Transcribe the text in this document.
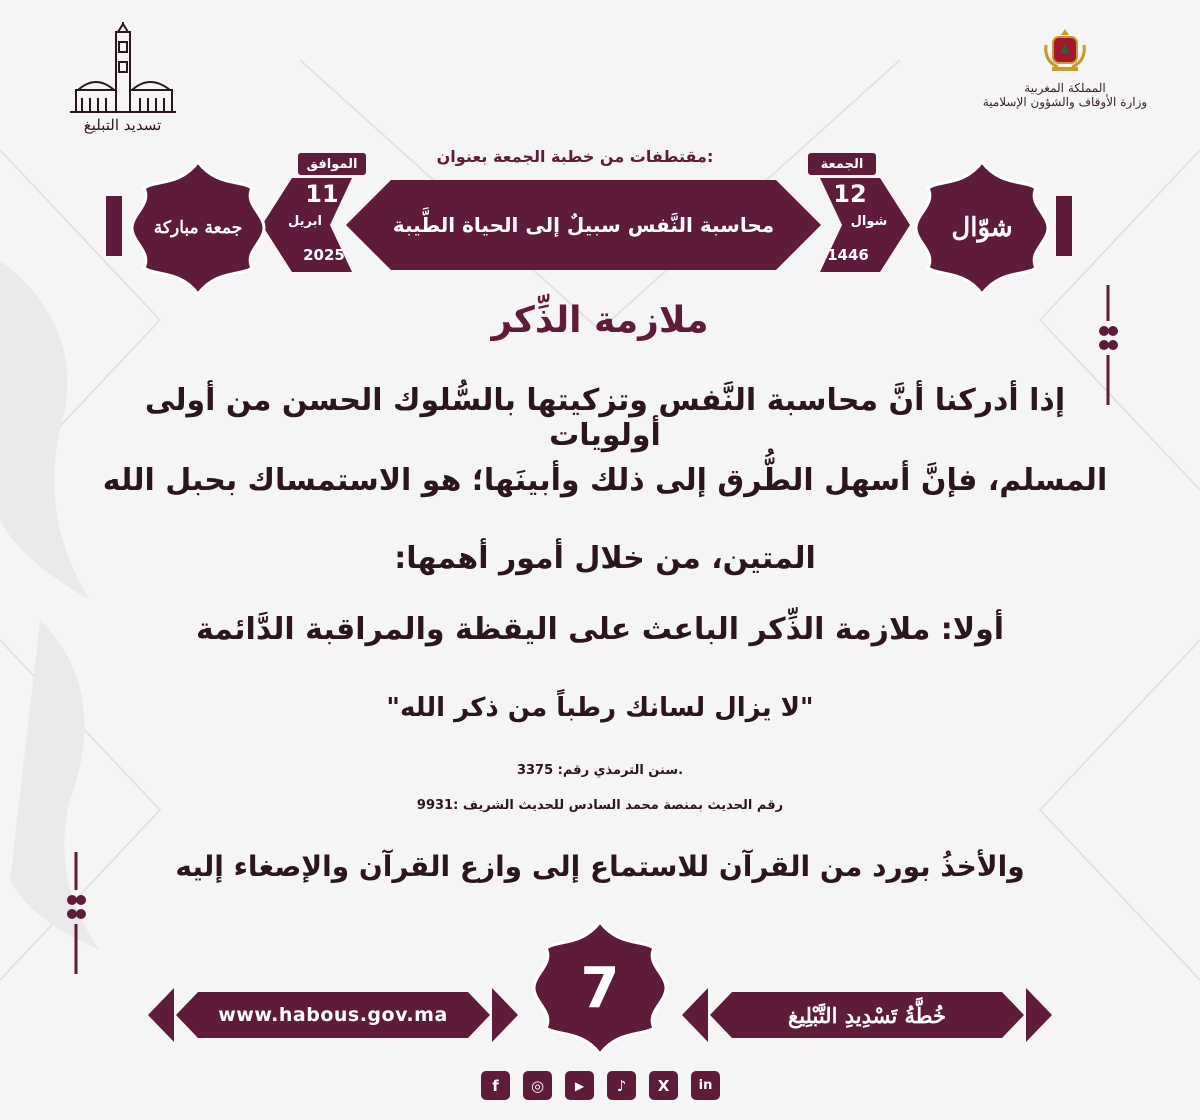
المملكة المغربية
وزارة الأوقاف والشؤون الإسلامية
تسديد التبليغ
مقتطفات من خطبة الجمعة بعنوان:
محاسبة النَّفس سبيلٌ إلى الحياة الطَّيبة
الجمعة
12
شوال
1446
الموافق
11
ابريل
2025
شوّال
جمعة مباركة
ملازمة الذِّكر
إذا أدركنا أنَّ محاسبة النَّفس وتزكيتها بالسُّلوك الحسن من أولى أولويات
المسلم، فإنَّ أسهل الطُّرق إلى ذلك وأبينَها؛ هو الاستمساك بحبل الله
المتين، من خلال أمور أهمها:
أولا: ملازمة الذِّكر الباعث على اليقظة والمراقبة الدَّائمة
"لا يزال لسانك رطباً من ذكر الله"
.سنن الترمذي رقم: 3375
رقم الحديث بمنصة محمد السادس للحديث الشريف :9931
والأخذُ بورد من القرآن للاستماع إلى وازع القرآن والإصغاء إليه
7
www.habous.gov.ma	خُطَّةُ تَسْدِيدِ التَّبْلِيغ
f	◎	▶	♪	X	in
